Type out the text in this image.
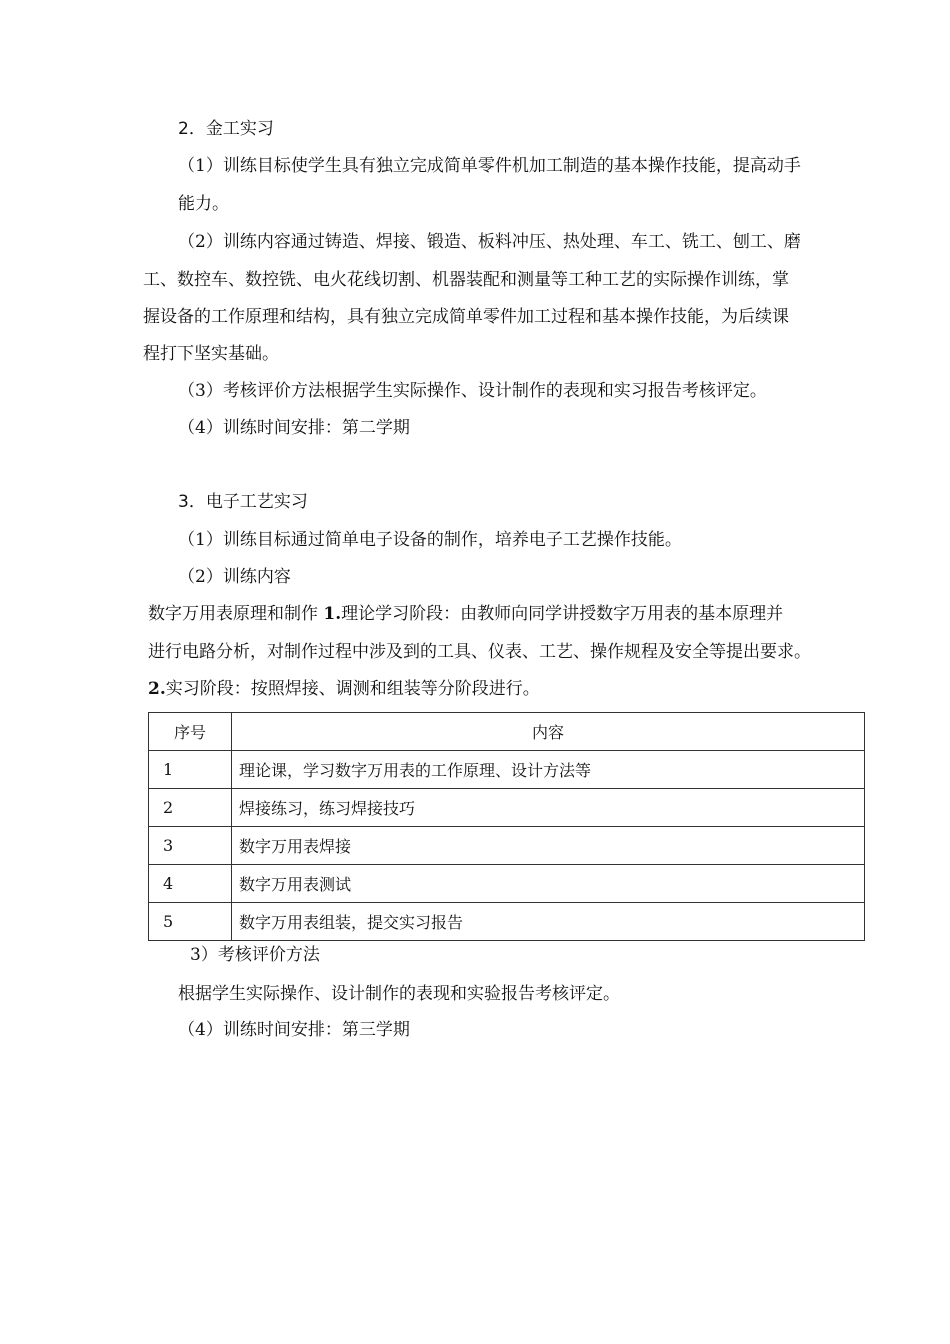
2．金工实习
（1）训练目标使学生具有独立完成简单零件机加工制造的基本操作技能，提高动手
能力。
（2）训练内容通过铸造、焊接、锻造、板料冲压、热处理、车工、铣工、刨工、磨
工、数控车、数控铣、电火花线切割、机器装配和测量等工种工艺的实际操作训练，掌
握设备的工作原理和结构，具有独立完成简单零件加工过程和基本操作技能，为后续课
程打下坚实基础。
（3）考核评价方法根据学生实际操作、设计制作的表现和实习报告考核评定。
（4）训练时间安排：第二学期
3．电子工艺实习
（1）训练目标通过简单电子设备的制作，培养电子工艺操作技能。
（2）训练内容
数字万用表原理和制作 1.理论学习阶段：由教师向同学讲授数字万用表的基本原理并
进行电路分析，对制作过程中涉及到的工具、仪表、工艺、操作规程及安全等提出要求。
2.实习阶段：按照焊接、调测和组装等分阶段进行。
序号	内容
1	理论课，学习数字万用表的工作原理、设计方法等
2	焊接练习，练习焊接技巧
3	数字万用表焊接
4	数字万用表测试
5	数字万用表组装，提交实习报告
3）考核评价方法
根据学生实际操作、设计制作的表现和实验报告考核评定。
（4）训练时间安排：第三学期
